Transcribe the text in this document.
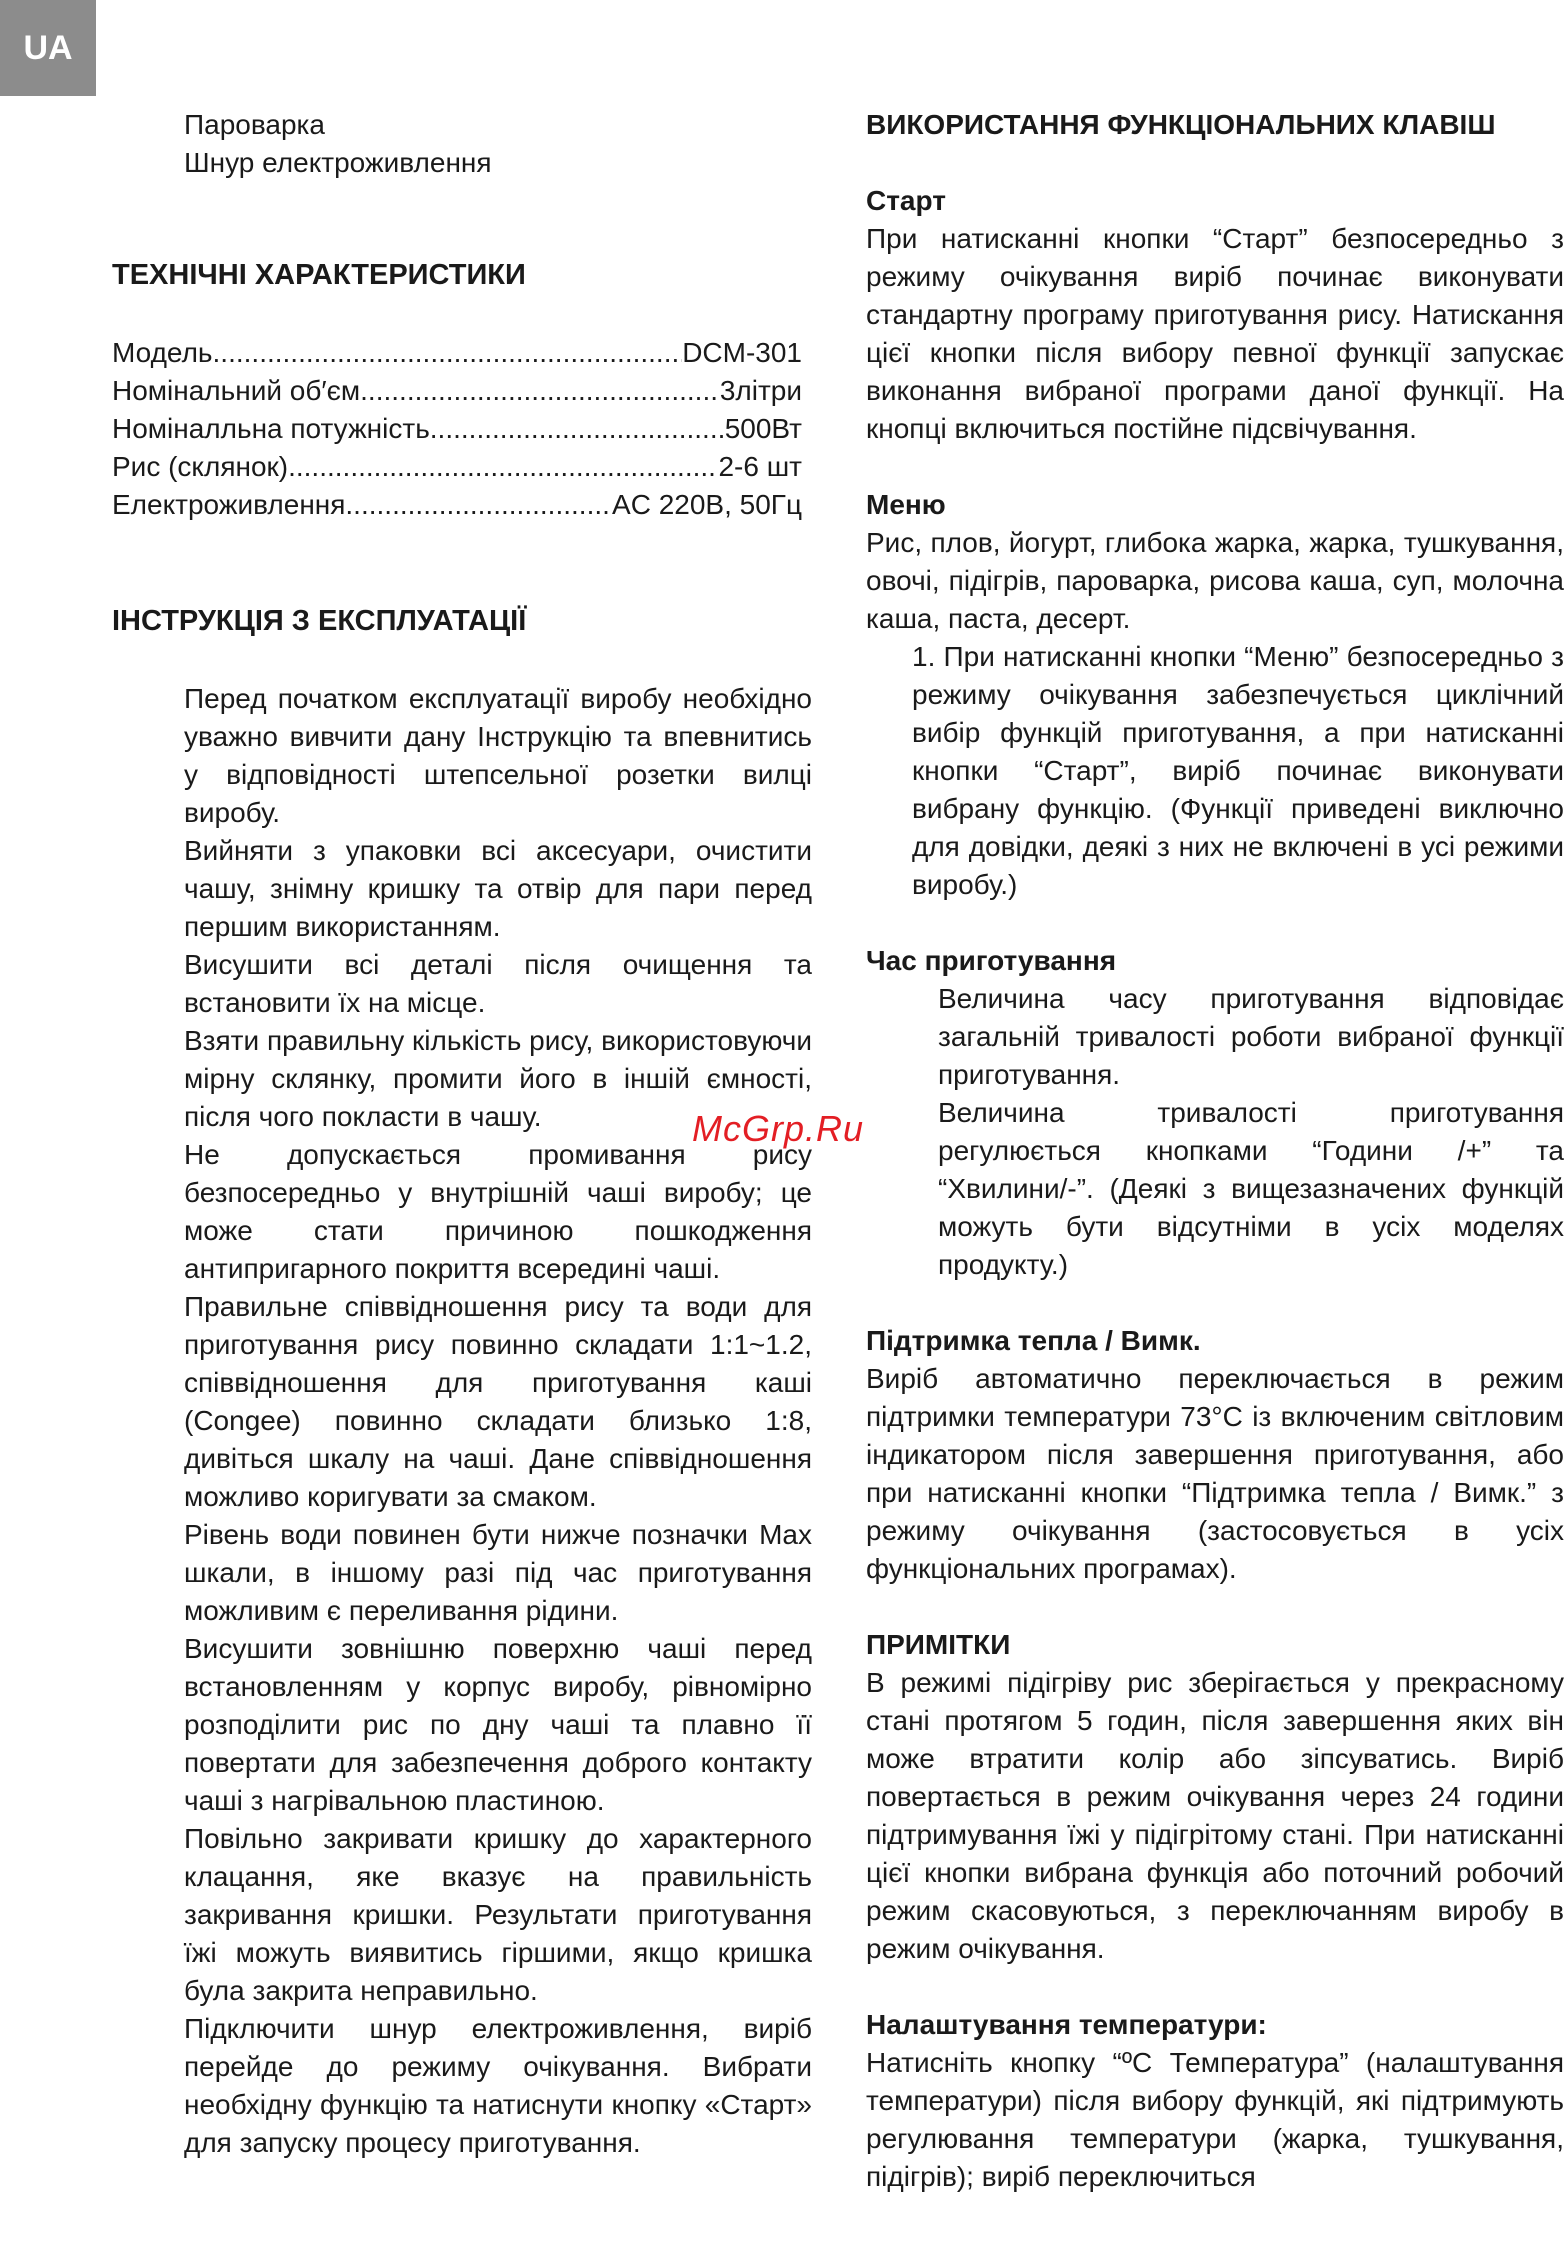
UA

Пароварка

Шнур електроживлення

ТЕХНІЧНІ ХАРАКТЕРИСТИКИ
Модель .....	DCM-301
Номінальний об′єм .....	3літри
Номіналльна потужність .....	500Вт
Рис (склянок) .....	2-6 шт
Електроживлення .....	AC 220В, 50Гц
ІНСТРУКЦІЯ З ЕКСПЛУАТАЦІЇ

Перед початком експлуатації виробу необхідно уважно вивчити дану Інструкцію та впевнитись у відповідності штепсельної розетки вилці виробу.

Вийняти з упаковки всі аксесуари, очистити чашу, знімну кришку та отвір для пари перед першим використанням.

Висушити всі деталі після очищення та встановити їх на місце.

Взяти правильну кількість рису, використовуючи мірну склянку, промити його в іншій ємності, після чого покласти в чашу.

Не допускається промивання рису безпосередньо у внутрішній чаші виробу; це може стати причиною пошкодження антипригарного покриття всередині чаші.

Правильне співвідношення рису та води для приготування рису повинно складати 1:1~1.2, співвідношення для приготування каші (Congee) повинно складати близько 1:8, дивіться шкалу на чаші. Дане співвідношення можливо коригувати за смаком.

Рівень води повинен бути нижче позначки Max шкали, в іншому разі під час приготування можливим є переливання рідини.

Висушити зовнішню поверхню чаші перед встановленням у корпус виробу, рівномірно розподілити рис по дну чаші та плавно її повертати для забезпечення доброго контакту чаші з нагрівальною пластиною.

Повільно закривати кришку до характерного клацання, яке вказує на правильність закривання кришки. Результати приготування їжі можуть виявитись гіршими, якщо кришка була закрита неправильно.

Підключити шнур електроживлення, виріб перейде до режиму очікування. Вибрати необхідну функцію та натиснути кнопку «Старт» для запуску процесу приготування.

ВИКОРИСТАННЯ ФУНКЦІОНАЛЬНИХ КЛАВІШ
Старт

При натисканні кнопки “Старт” безпосередньо з режиму очікування виріб починає виконувати стандартну програму приготування рису. Натискання цієї кнопки після вибору певної функції запускає виконання вибраної програми даної функції. На кнопці включиться постійне підсвічування.

Меню

Рис, плов, йогурт, глибока жарка, жарка, тушкування, овочі, підігрів, пароварка, рисова каша, суп, молочна каша, паста, десерт.

1. При натисканні кнопки “Меню” безпосередньо з режиму очікування забезпечується циклічний вибір функцій приготування, а при натисканні кнопки “Старт”, виріб починає виконувати вибрану функцію. (Функції приведені виключно для довідки, деякі з них не включені в усі режими виробу.)

Час приготування

Величина часу приготування відповідає загальній тривалості роботи вибраної функції приготування.

Величина тривалості приготування регулюється кнопками “Години /+” та “Хвилини/-”. (Деякі з вищезазначених функцій можуть бути відсутніми в усіх моделях продукту.)

Підтримка тепла / Вимк.

Виріб автоматично переключається в режим підтримки температури 73°С із включеним світловим індикатором після завершення приготування, або при натисканні кнопки “Підтримка тепла / Вимк.” з режиму очікування (застосовується в усіх функціональних програмах).

ПРИМІТКИ

В режимі підігріву рис зберігається у прекрасному стані протягом 5 годин, після завершення яких він може втратити колір або зіпсуватись. Виріб повертається в режим очікування через 24 години підтримування їжі у підігрітому стані. При натисканні цієї кнопки вибрана функція або поточний робочий режим скасовуються, з переключанням виробу в режим очікування.

Налаштування температури:

Натисніть кнопку “ºС Температура” (налаштування температури) після вибору функцій, які підтримують регулювання температури (жарка, тушкування, підігрів); виріб переключиться

McGrp.Ru
